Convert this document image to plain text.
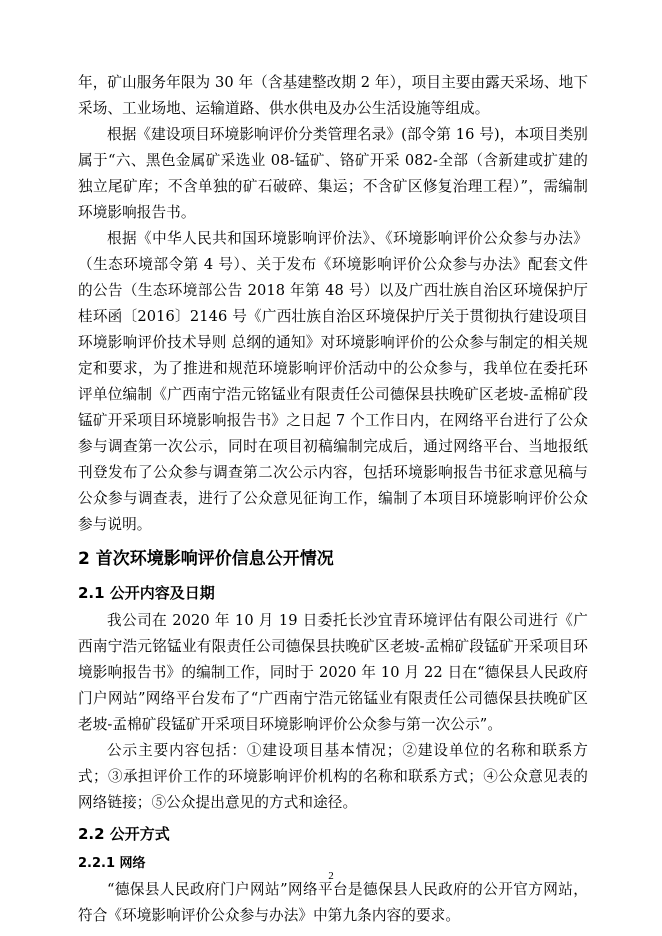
年，矿山服务年限为 30 年（含基建整改期 2 年），项目主要由露天采场、地下采场、工业场地、运输道路、供水供电及办公生活设施等组成。

根据《建设项目环境影响评价分类管理名录》(部令第 16 号)，本项目类别属于“六、黑色金属矿采选业 08-锰矿、铬矿开采 082-全部（含新建或扩建的独立尾矿库；不含单独的矿石破碎、集运；不含矿区修复治理工程）”，需编制环境影响报告书。

根据《中华人民共和国环境影响评价法》、《环境影响评价公众参与办法》（生态环境部令第 4 号）、关于发布《环境影响评价公众参与办法》配套文件的公告（生态环境部公告 2018 年第 48 号）以及广西壮族自治区环境保护厅桂环函〔2016〕2146 号《广西壮族自治区环境保护厅关于贯彻执行建设项目环境影响评价技术导则 总纲的通知》对环境影响评价的公众参与制定的相关规定和要求，为了推进和规范环境影响评价活动中的公众参与，我单位在委托环评单位编制《广西南宁浩元铭锰业有限责任公司德保县扶晚矿区老坡-孟棉矿段锰矿开采项目环境影响报告书》之日起 7 个工作日内，在网络平台进行了公众参与调查第一次公示，同时在项目初稿编制完成后，通过网络平台、当地报纸刊登发布了公众参与调查第二次公示内容，包括环境影响报告书征求意见稿与公众参与调查表，进行了公众意见征询工作，编制了本项目环境影响评价公众参与说明。

2 首次环境影响评价信息公开情况
2.1 公开内容及日期

我公司在 2020 年 10 月 19 日委托长沙宜青环境评估有限公司进行《广西南宁浩元铭锰业有限责任公司德保县扶晚矿区老坡-孟棉矿段锰矿开采项目环境影响报告书》的编制工作，同时于 2020 年 10 月 22 日在“德保县人民政府门户网站”网络平台发布了“广西南宁浩元铭锰业有限责任公司德保县扶晚矿区老坡-孟棉矿段锰矿开采项目环境影响评价公众参与第一次公示”。

公示主要内容包括：①建设项目基本情况；②建设单位的名称和联系方式；③承担评价工作的环境影响评价机构的名称和联系方式；④公众意见表的网络链接；⑤公众提出意见的方式和途径。

2.2 公开方式
2.2.1 网络

“德保县人民政府门户网站”网络平台是德保县人民政府的公开官方网站，符合《环境影响评价公众参与办法》中第九条内容的要求。

2
